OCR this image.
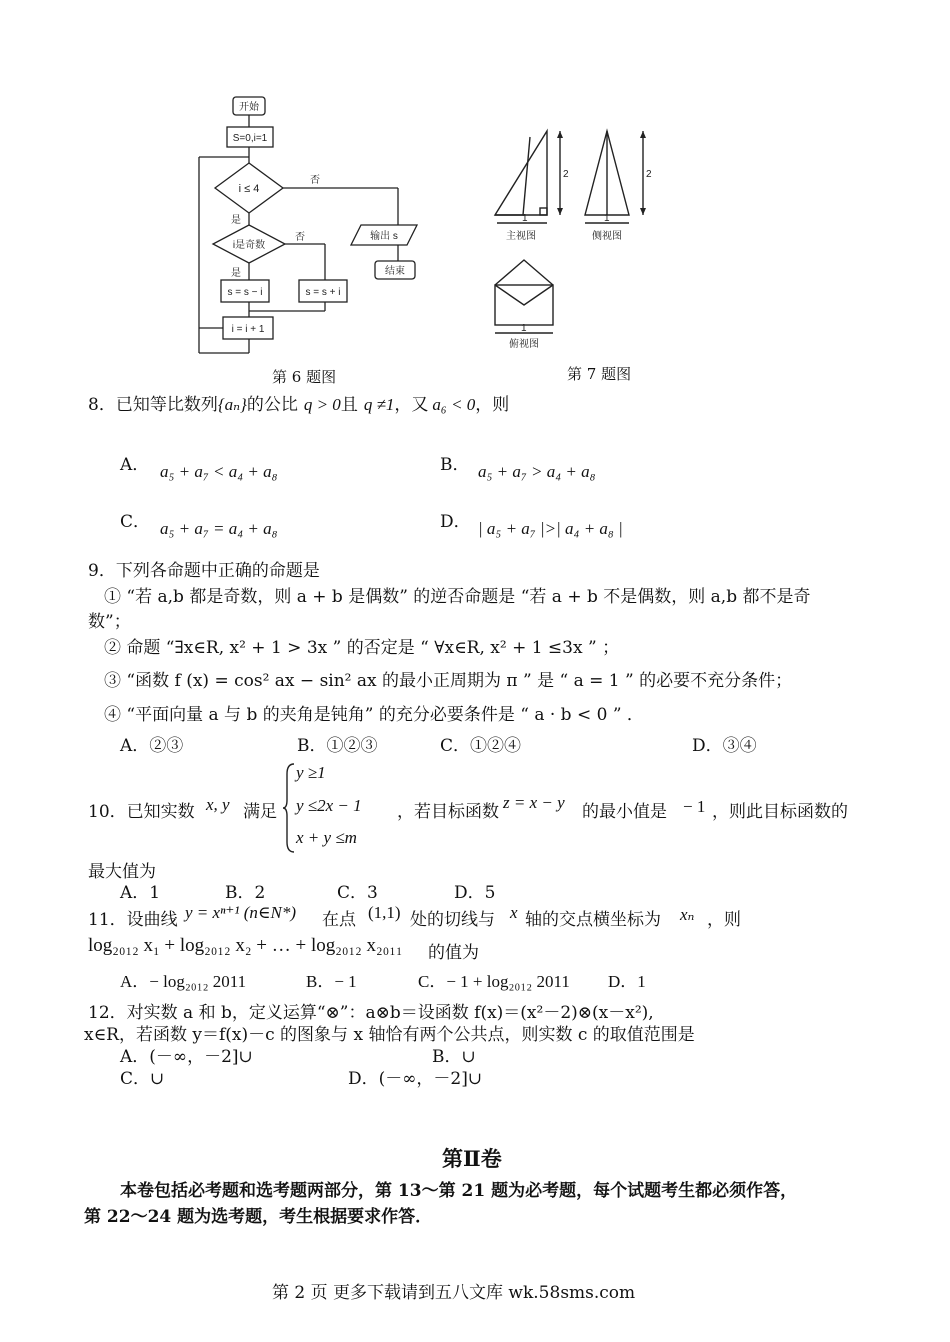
开始
S=0,i=1
i ≤ 4
否
是
i是奇数
否
是
s = s − i	s = s + i
i = i + 1
输出 s
结束
第 6 题图
2	2
1	1
1
主视图	侧视图
俯视图
第 7 题图
8．已知等比数列{aₙ}的公比 q > 0且 q ≠1，又 a₆ < 0，则
A． a₅ + a₇ < a₄ + a₈	B． a₅ + a₇ > a₄ + a₈
C． a₅ + a₇ = a₄ + a₈	D． | a₅ + a₇ |>| a₄ + a₈ |
9．下列各命题中正确的命题是
① “若 a,b 都是奇数，则 a + b 是偶数” 的逆否命题是 “若 a + b 不是偶数，则 a,b 都不是奇
数”；
② 命题 “∃x∈R, x² + 1 > 3x ” 的否定是 “ ∀x∈R, x² + 1 ≤3x ” ；
③ “函数 f (x) = cos² ax − sin² ax 的最小正周期为 π ” 是 “ a = 1 ” 的必要不充分条件；
④ “平面向量 a 与 b 的夹角是钝角” 的充分必要条件是 “ a · b < 0 ” ．
A．②③	B．①②③	C．①②④	D．③④
10．已知实数 x, y 满足
y ≥1
y ≤2x − 1
x + y ≤m
，若目标函数 z = x − y 的最小值是 − 1 ，则此目标函数的
最大值为
A．1	B．2	C．3	D．5
11．设曲线 y = xⁿ⁺¹ (n∈N*) 在点 (1,1) 处的切线与 x 轴的交点横坐标为 xₙ ，则
log₂₀₁₂ x₁ + log₂₀₁₂ x₂ + … + log₂₀₁₂ x₂₀₁₁ 的值为
A．− log₂₀₁₂ 2011	B．− 1	C．− 1 + log₂₀₁₂ 2011 D．1
12．对实数 a 和 b，定义运算“⊗”：a⊗b＝设函数 f(x)＝(x²－2)⊗(x－x²),
x∈R，若函数 y＝f(x)－c 的图象与 x 轴恰有两个公共点，则实数 c 的取值范围是
A．(－∞，－2]∪	B．∪
C．∪	D．(－∞，－2]∪
第Ⅱ卷
本卷包括必考题和选考题两部分，第 13～第 21 题为必考题，每个试题考生都必须作答，
第 22～24 题为选考题，考生根据要求作答．
第 2 页 更多下载请到五八文库 wk.58sms.com
